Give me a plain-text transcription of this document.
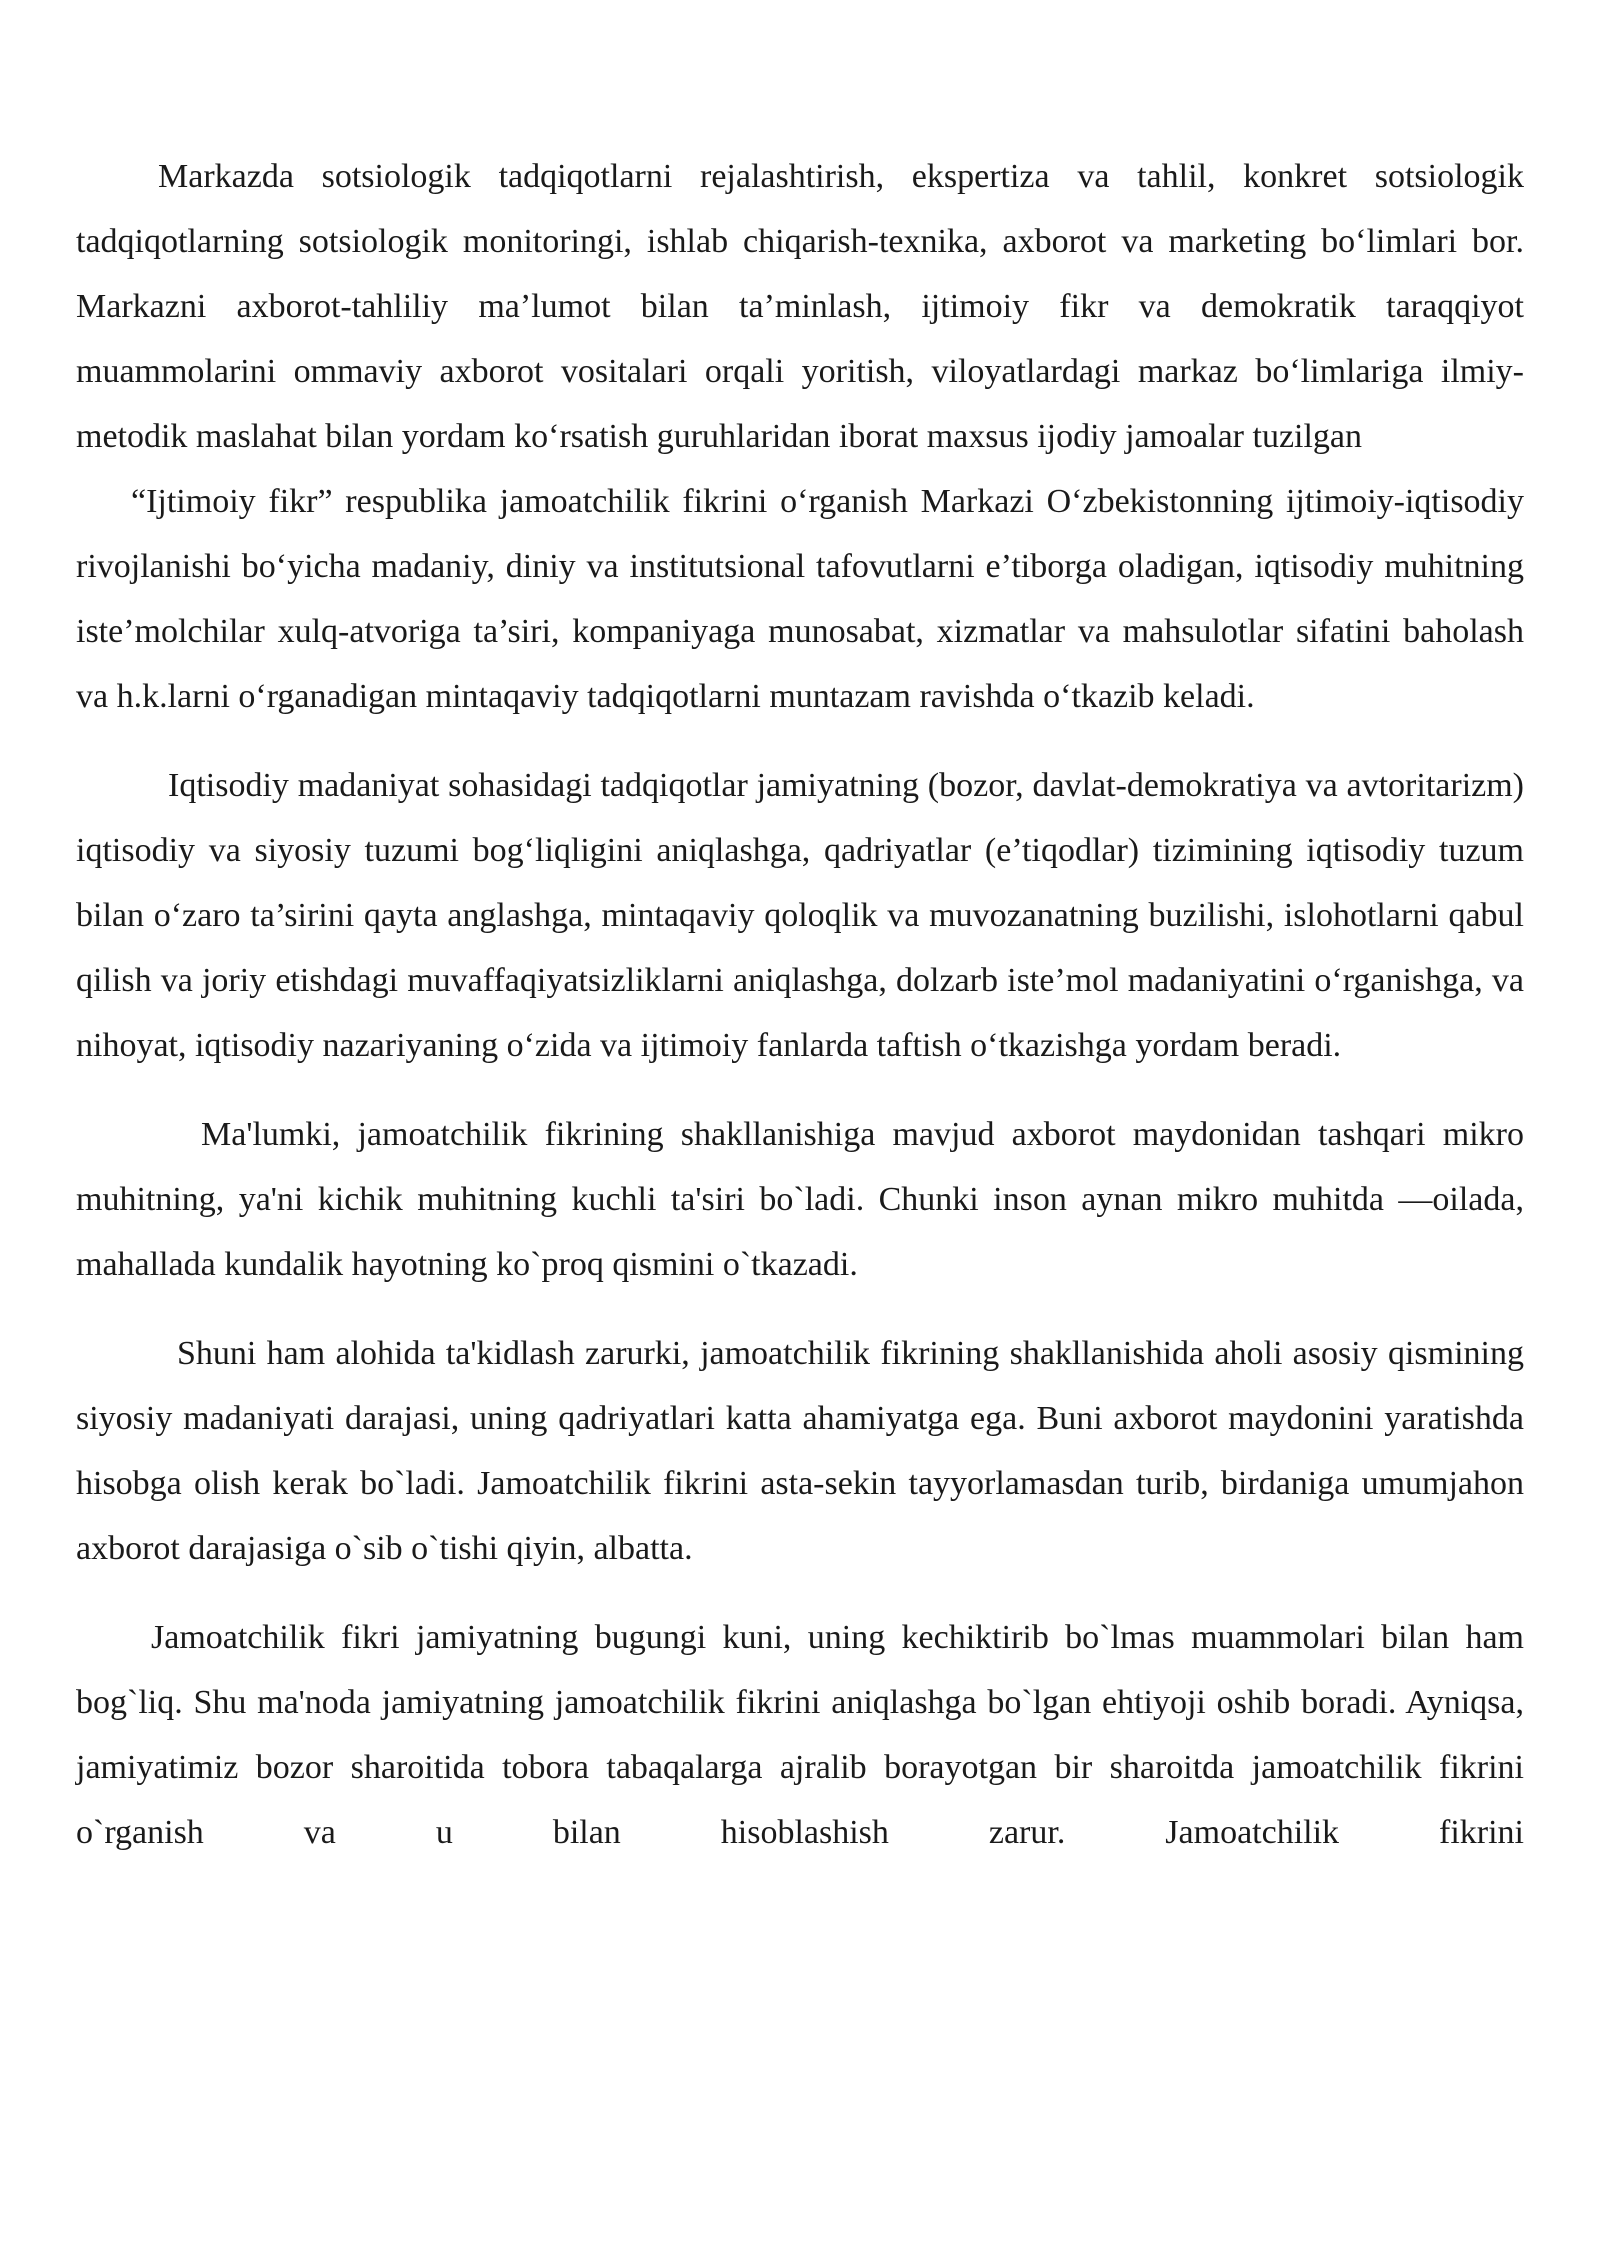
Markazda sotsiologik tadqiqotlarni rejalashtirish, ekspertiza va tahlil, konkret sotsiologik tadqiqotlarning sotsiologik monitoringi, ishlab chiqarish-texnika, axborot va marketing bo‘limlari bor. Markazni axborot-tahliliy ma’lumot bilan ta’minlash, ijtimoiy fikr va demokratik taraqqiyot muammolarini ommaviy axborot vositalari orqali yoritish, viloyatlardagi markaz bo‘limlariga ilmiy-metodik maslahat bilan yordam ko‘rsatish guruhlaridan iborat maxsus ijodiy jamoalar tuzilgan

“Ijtimoiy fikr” respublika jamoatchilik fikrini o‘rganish Markazi O‘zbekistonning ijtimoiy-iqtisodiy rivojlanishi bo‘yicha madaniy, diniy va institutsional tafovutlarni e’tiborga oladigan, iqtisodiy muhitning iste’molchilar xulq-atvoriga ta’siri, kompaniyaga munosabat, xizmatlar va mahsulotlar sifatini baholash va h.k.larni o‘rganadigan mintaqaviy tadqiqotlarni muntazam ravishda o‘tkazib keladi.

Iqtisodiy madaniyat sohasidagi tadqiqotlar jamiyatning (bozor, davlat-demokratiya va avtoritarizm) iqtisodiy va siyosiy tuzumi bog‘liqligini aniqlashga, qadriyatlar (e’tiqodlar) tizimining iqtisodiy tuzum bilan o‘zaro ta’sirini qayta anglashga, mintaqaviy qoloqlik va muvozanatning buzilishi, islohotlarni qabul qilish va joriy etishdagi muvaffaqiyatsizliklarni aniqlashga, dolzarb iste’mol madaniyatini o‘rganishga, va nihoyat, iqtisodiy nazariyaning o‘zida va ijtimoiy fanlarda taftish o‘tkazishga yordam beradi.

Ma'lumki, jamoatchilik fikrining shakllanishiga mavjud axborot maydonidan tashqari mikro muhitning, ya'ni kichik muhitning kuchli ta'siri bo`ladi. Chunki inson aynan mikro muhitda —oilada, mahallada kundalik hayotning ko`proq qismini o`tkazadi.

Shuni ham alohida ta'kidlash zarurki, jamoatchilik fikrining shakllanishida aholi asosiy qismining siyosiy madaniyati darajasi, uning qadriyatlari katta ahamiyatga ega. Buni axborot maydonini yaratishda hisobga olish kerak bo`ladi. Jamoatchilik fikrini asta-sekin tayyorlamasdan turib, birdaniga umumjahon axborot darajasiga o`sib o`tishi qiyin, albatta.

Jamoatchilik fikri jamiyatning bugungi kuni, uning kechiktirib bo`lmas muammolari bilan ham bog`liq. Shu ma'noda jamiyatning jamoatchilik fikrini aniqlashga bo`lgan ehtiyoji oshib boradi. Ayniqsa, jamiyatimiz bozor sharoitida tobora tabaqalarga ajralib borayotgan bir sharoitda jamoatchilik fikrini o`rganish va u bilan hisoblashish zarur. Jamoatchilik fikrini
